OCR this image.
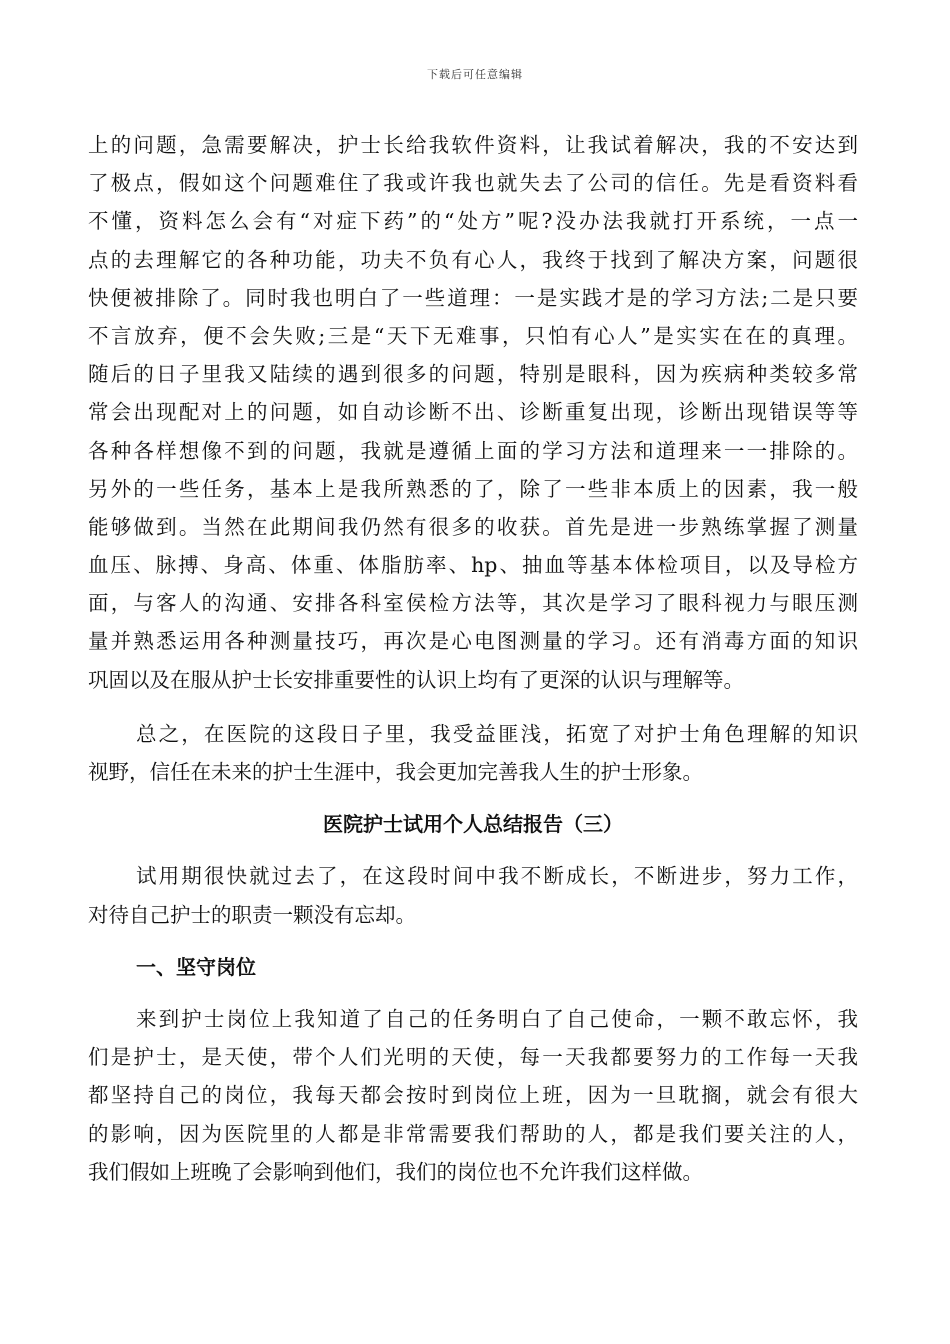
下载后可任意编辑
上的问题，急需要解决，护士长给我软件资料，让我试着解决，我的不安达到
了极点，假如这个问题难住了我或许我也就失去了公司的信任。先是看资料看
不懂，资料怎么会有“对症下药”的“处方”呢?没办法我就打开系统，一点一
点的去理解它的各种功能，功夫不负有心人，我终于找到了解决方案，问题很
快便被排除了。同时我也明白了一些道理：一是实践才是的学习方法;二是只要
不言放弃，便不会失败;三是“天下无难事，只怕有心人”是实实在在的真理。
随后的日子里我又陆续的遇到很多的问题，特别是眼科，因为疾病种类较多常
常会出现配对上的问题，如自动诊断不出、诊断重复出现，诊断出现错误等等
各种各样想像不到的问题，我就是遵循上面的学习方法和道理来一一排除的。
另外的一些任务，基本上是我所熟悉的了，除了一些非本质上的因素，我一般
能够做到。当然在此期间我仍然有很多的收获。首先是进一步熟练掌握了测量
血压、脉搏、身高、体重、体脂肪率、hp、抽血等基本体检项目，以及导检方
面，与客人的沟通、安排各科室侯检方法等，其次是学习了眼科视力与眼压测
量并熟悉运用各种测量技巧，再次是心电图测量的学习。还有消毒方面的知识
巩固以及在服从护士长安排重要性的认识上均有了更深的认识与理解等。
总之，在医院的这段日子里，我受益匪浅，拓宽了对护士角色理解的知识
视野，信任在未来的护士生涯中，我会更加完善我人生的护士形象。
医院护士试用个人总结报告（三）
试用期很快就过去了，在这段时间中我不断成长，不断进步，努力工作，
对待自己护士的职责一颗没有忘却。
一、坚守岗位
来到护士岗位上我知道了自己的任务明白了自己使命，一颗不敢忘怀，我
们是护士，是天使，带个人们光明的天使，每一天我都要努力的工作每一天我
都坚持自己的岗位，我每天都会按时到岗位上班，因为一旦耽搁，就会有很大
的影响，因为医院里的人都是非常需要我们帮助的人，都是我们要关注的人，
我们假如上班晚了会影响到他们，我们的岗位也不允许我们这样做。
